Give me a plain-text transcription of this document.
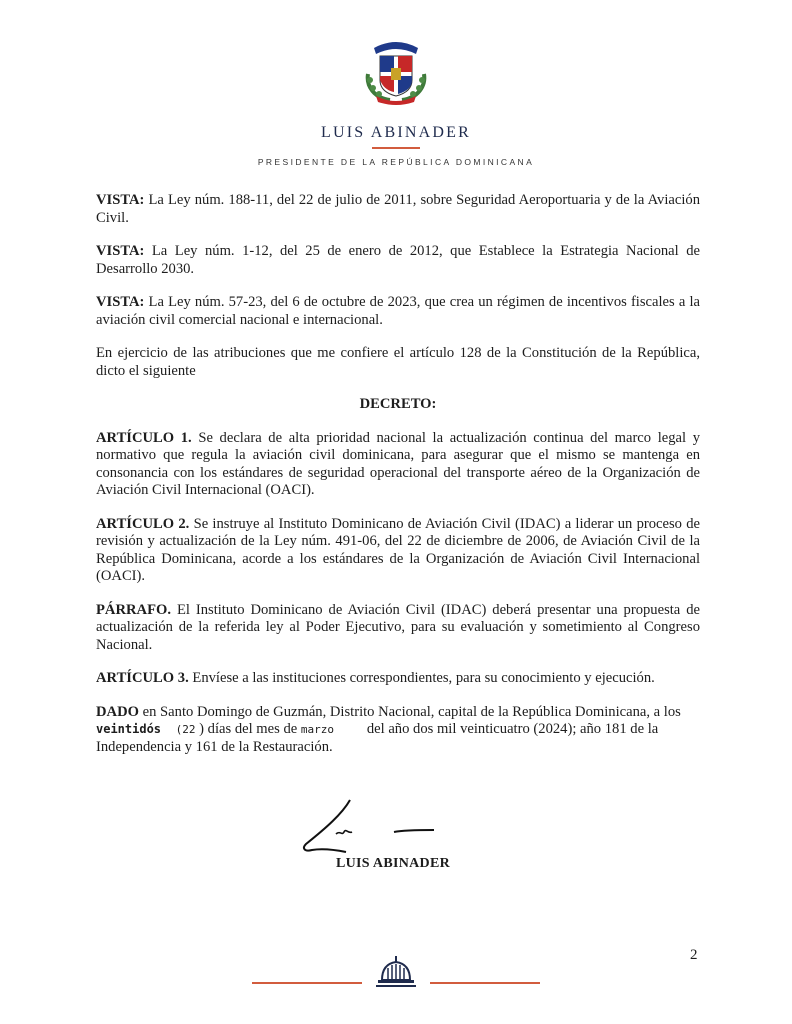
LUIS ABINADER
PRESIDENTE DE LA REPÚBLICA DOMINICANA

VISTA: La Ley núm. 188-11, del 22 de julio de 2011, sobre Seguridad Aeroportuaria y de la Aviación Civil.

VISTA: La Ley núm. 1-12, del 25 de enero de 2012, que Establece la Estrategia Nacional de Desarrollo 2030.

VISTA: La Ley núm. 57-23, del 6 de octubre de 2023, que crea un régimen de incentivos fiscales a la aviación civil comercial nacional e internacional.

En ejercicio de las atribuciones que me confiere el artículo 128 de la Constitución de la República, dicto el siguiente

DECRETO:

ARTÍCULO 1. Se declara de alta prioridad nacional la actualización continua del marco legal y normativo que regula la aviación civil dominicana, para asegurar que el mismo se mantenga en consonancia con los estándares de seguridad operacional del transporte aéreo de la Organización de Aviación Civil Internacional (OACI).

ARTÍCULO 2. Se instruye al Instituto Dominicano de Aviación Civil (IDAC) a liderar un proceso de revisión y actualización de la Ley núm. 491-06, del 22 de diciembre de 2006, de Aviación Civil de la República Dominicana, acorde a los estándares de la Organización de Aviación Civil Internacional (OACI).

PÁRRAFO. El Instituto Dominicano de Aviación Civil (IDAC) deberá presentar una propuesta de actualización de la referida ley al Poder Ejecutivo, para su evaluación y sometimiento al Congreso Nacional.

ARTÍCULO 3. Envíese a las instituciones correspondientes, para su conocimiento y ejecución.

DADO en Santo Domingo de Guzmán, Distrito Nacional, capital de la República Dominicana, a los veintidós (22 ) días del mes de marzo         del año dos mil veinticuatro (2024); año 181 de la Independencia y 161 de la Restauración.

LUIS ABINADER
2
